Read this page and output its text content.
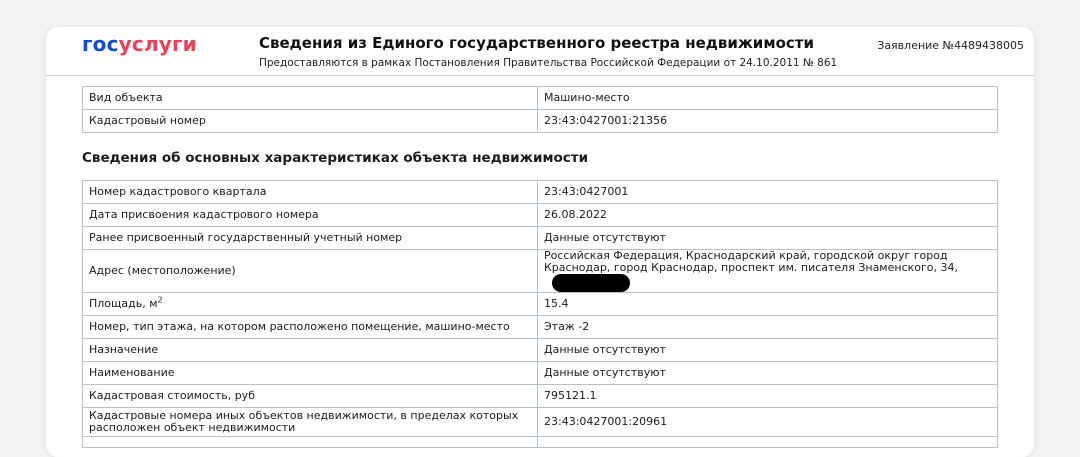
госуслуги	Сведения из Единого государственного реестра недвижимости
Предоставляются в рамках Постановления Правительства Российской Федерации от 24.10.2011 № 861
Заявление №4489438005
Вид объекта	Машино-место
Кадастровый номер	23:43:0427001:21356
Сведения об основных характеристиках объекта недвижимости
Номер кадастрового квартала	23:43:0427001
Дата присвоения кадастрового номера	26.08.2022
Ранее присвоенный государственный учетный номер	Данные отсутствуют
Адрес (местоположение)	Российская Федерация, Краснодарский край, городской округ город Краснодар, город Краснодар, проспект им. писателя Знаменского, 34,
Площадь, $м^2$	15.4
Номер, тип этажа, на котором расположено помещение, машино-место	Этаж -2
Назначение	Данные отсутствуют
Наименование	Данные отсутствуют
Кадастровая стоимость, руб	795121.1
Кадастровые номера иных объектов недвижимости, в пределах которых расположен объект недвижимости	23:43:0427001:20961
